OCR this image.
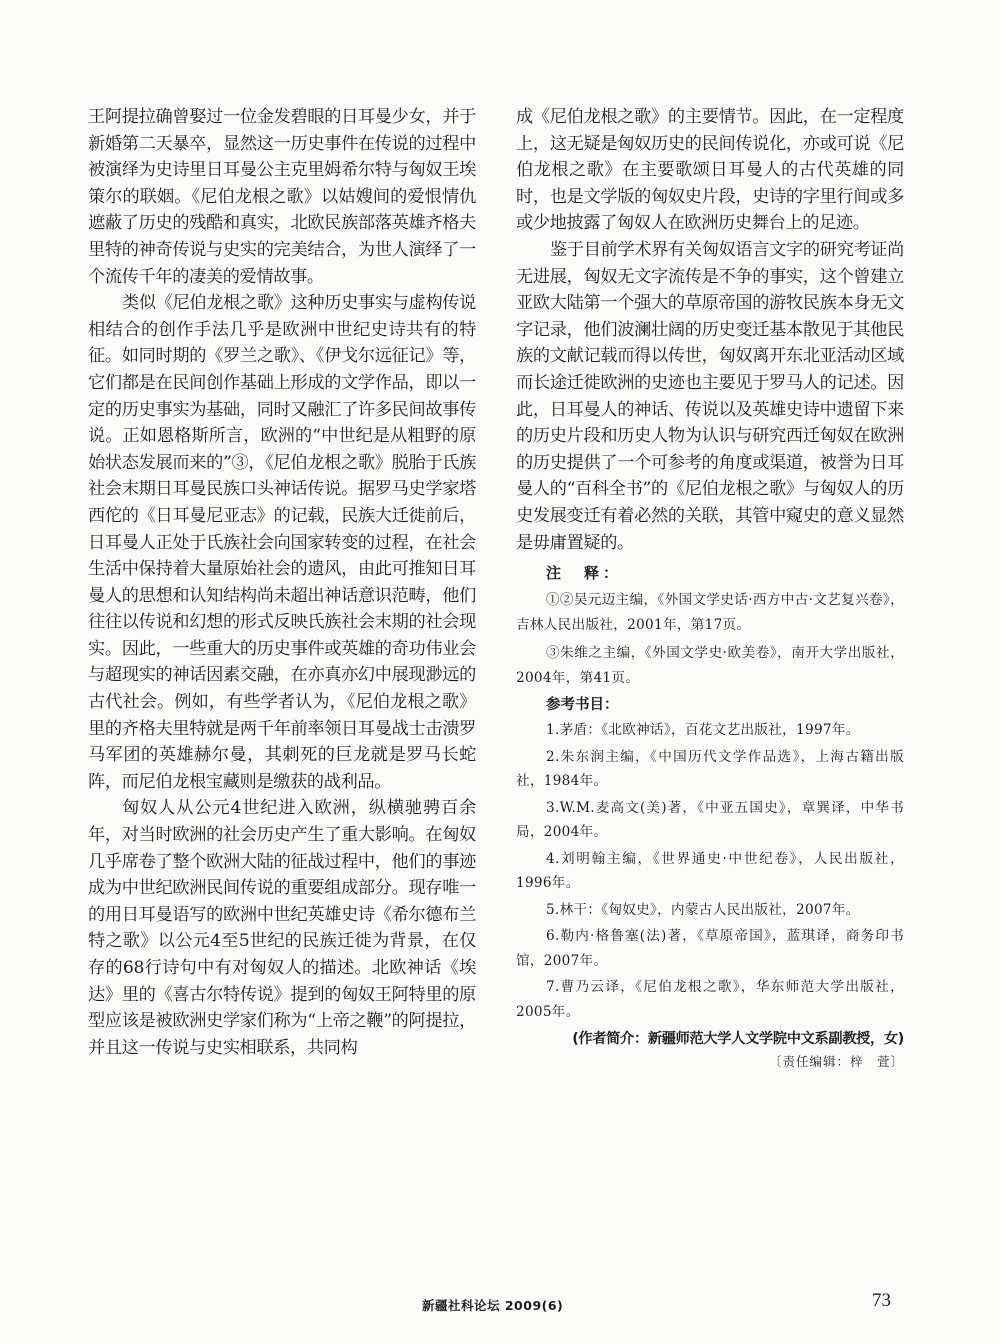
王阿提拉确曾娶过一位金发碧眼的日耳曼少女，并于新婚第二天暴卒，显然这一历史事件在传说的过程中被演绎为史诗里日耳曼公主克里姆希尔特与匈奴王埃策尔的联姻。《尼伯龙根之歌》以姑嫂间的爱恨情仇遮蔽了历史的残酷和真实，北欧民族部落英雄齐格夫里特的神奇传说与史实的完美结合，为世人演绎了一个流传千年的凄美的爱情故事。

类似《尼伯龙根之歌》这种历史事实与虚构传说相结合的创作手法几乎是欧洲中世纪史诗共有的特征。如同时期的《罗兰之歌》、《伊戈尔远征记》等，它们都是在民间创作基础上形成的文学作品，即以一定的历史事实为基础，同时又融汇了许多民间故事传说。正如恩格斯所言，欧洲的“中世纪是从粗野的原始状态发展而来的”③，《尼伯龙根之歌》脱胎于氏族社会末期日耳曼民族口头神话传说。据罗马史学家塔西佗的《日耳曼尼亚志》的记载，民族大迁徙前后，日耳曼人正处于氏族社会向国家转变的过程，在社会生活中保持着大量原始社会的遗风，由此可推知日耳曼人的思想和认知结构尚未超出神话意识范畴，他们往往以传说和幻想的形式反映氏族社会末期的社会现实。因此，一些重大的历史事件或英雄的奇功伟业会与超现实的神话因素交融，在亦真亦幻中展现渺远的古代社会。例如，有些学者认为，《尼伯龙根之歌》里的齐格夫里特就是两千年前率领日耳曼战士击溃罗马军团的英雄赫尔曼，其刺死的巨龙就是罗马长蛇阵，而尼伯龙根宝藏则是缴获的战利品。

匈奴人从公元4世纪进入欧洲，纵横驰骋百余年，对当时欧洲的社会历史产生了重大影响。在匈奴几乎席卷了整个欧洲大陆的征战过程中，他们的事迹成为中世纪欧洲民间传说的重要组成部分。现存唯一的用日耳曼语写的欧洲中世纪英雄史诗《希尔德布兰特之歌》以公元4至5世纪的民族迁徙为背景，在仅存的68行诗句中有对匈奴人的描述。北欧神话《埃达》里的《喜古尔特传说》提到的匈奴王阿特里的原型应该是被欧洲史学家们称为“上帝之鞭”的阿提拉，并且这一传说与史实相联系，共同构

成《尼伯龙根之歌》的主要情节。因此，在一定程度上，这无疑是匈奴历史的民间传说化，亦或可说《尼伯龙根之歌》在主要歌颂日耳曼人的古代英雄的同时，也是文学版的匈奴史片段，史诗的字里行间或多或少地披露了匈奴人在欧洲历史舞台上的足迹。

鉴于目前学术界有关匈奴语言文字的研究考证尚无进展，匈奴无文字流传是不争的事实，这个曾建立亚欧大陆第一个强大的草原帝国的游牧民族本身无文字记录，他们波澜壮阔的历史变迁基本散见于其他民族的文献记载而得以传世，匈奴离开东北亚活动区域而长途迁徙欧洲的史迹也主要见于罗马人的记述。因此，日耳曼人的神话、传说以及英雄史诗中遗留下来的历史片段和历史人物为认识与研究西迁匈奴在欧洲的历史提供了一个可参考的角度或渠道，被誉为日耳曼人的“百科全书”的《尼伯龙根之歌》与匈奴人的历史发展变迁有着必然的关联，其管中窥史的意义显然是毋庸置疑的。

注　释：

①②吴元迈主编，《外国文学史话·西方中古·文艺复兴卷》，吉林人民出版社，2001年，第17页。

③朱维之主编，《外国文学史·欧美卷》，南开大学出版社，2004年，第41页。

参考书目：

1.茅盾：《北欧神话》，百花文艺出版社，1997年。

2.朱东润主编，《中国历代文学作品选》，上海古籍出版社，1984年。

3.W.M.麦高文(美)著，《中亚五国史》，章巽译，中华书局，2004年。

4.刘明翰主编，《世界通史·中世纪卷》，人民出版社，1996年。

5.林干：《匈奴史》，内蒙古人民出版社，2007年。

6.勒内·格鲁塞(法)著，《草原帝国》，蓝琪译，商务印书馆，2007年。

7.曹乃云译，《尼伯龙根之歌》，华东师范大学出版社，2005年。

(作者简介：新疆师范大学人文学院中文系副教授，女)
〔责任编辑：梓　萱〕
新疆社科论坛 2009(6)	73
